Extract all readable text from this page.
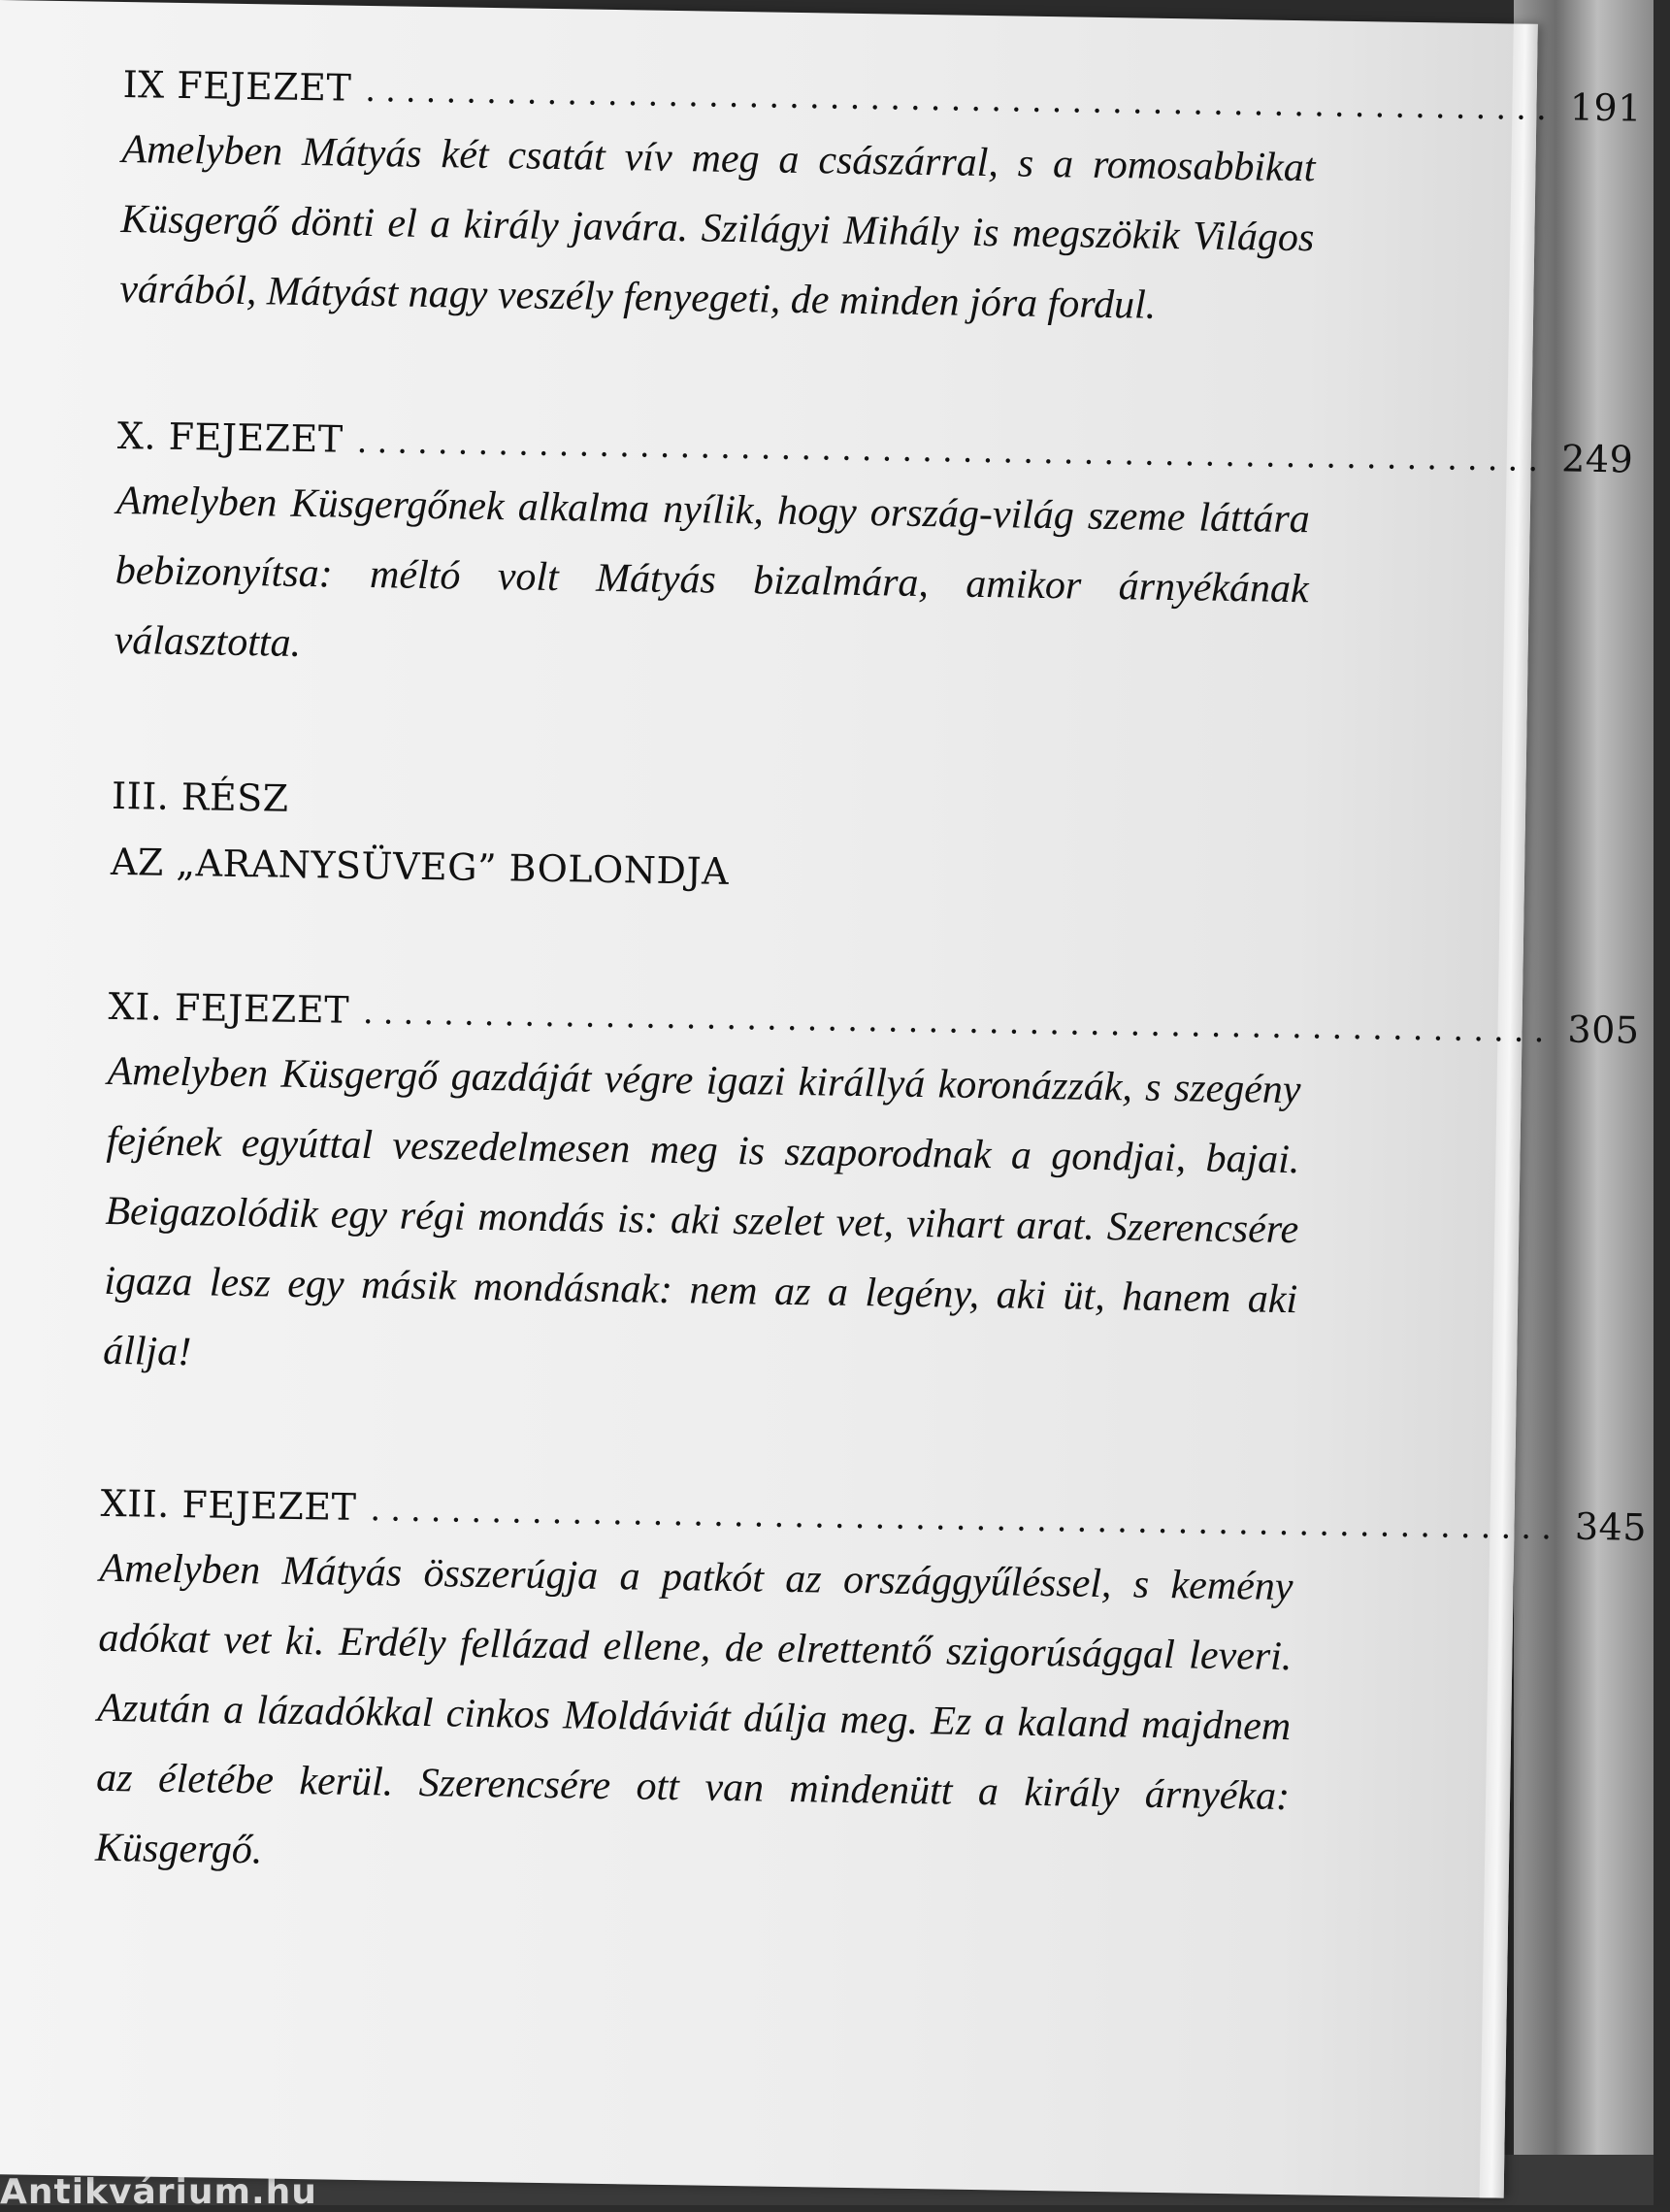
Antikvárium.hu
IX FEJEZET ........................................................... 191

Amelyben Mátyás két csatát vív meg a császárral, s a romosabbikat Küsgergő dönti el a király javára. Szilágyi Mihály is megszökik Világos várából, Mátyást nagy veszély fenyegeti, de minden jóra fordul.

X. FEJEZET ........................................................... 249

Amelyben Küsgergőnek alkalma nyílik, hogy ország-világ szeme láttára bebizonyítsa: méltó volt Mátyás bizalmára, amikor árnyékának választotta.

III. RÉSZ
AZ „ARANYSÜVEG” BOLONDJA
XI. FEJEZET ........................................................... 305

Amelyben Küsgergő gazdáját végre igazi királlyá koronázzák, s szegény fejének egyúttal veszedelmesen meg is szaporodnak a gondjai, bajai. Beigazolódik egy régi mondás is: aki szelet vet, vihart arat. Szerencsére igaza lesz egy másik mondásnak: nem az a legény, aki üt, hanem aki állja!

XII. FEJEZET ........................................................... 345

Amelyben Mátyás összerúgja a patkót az országgyűléssel, s kemény adókat vet ki. Erdély fellázad ellene, de elrettentő szigorúsággal leveri. Azután a lázadókkal cinkos Moldáviát dúlja meg. Ez a kaland majdnem az életébe kerül. Szerencsére ott van mindenütt a király árnyéka: Küsgergő.
